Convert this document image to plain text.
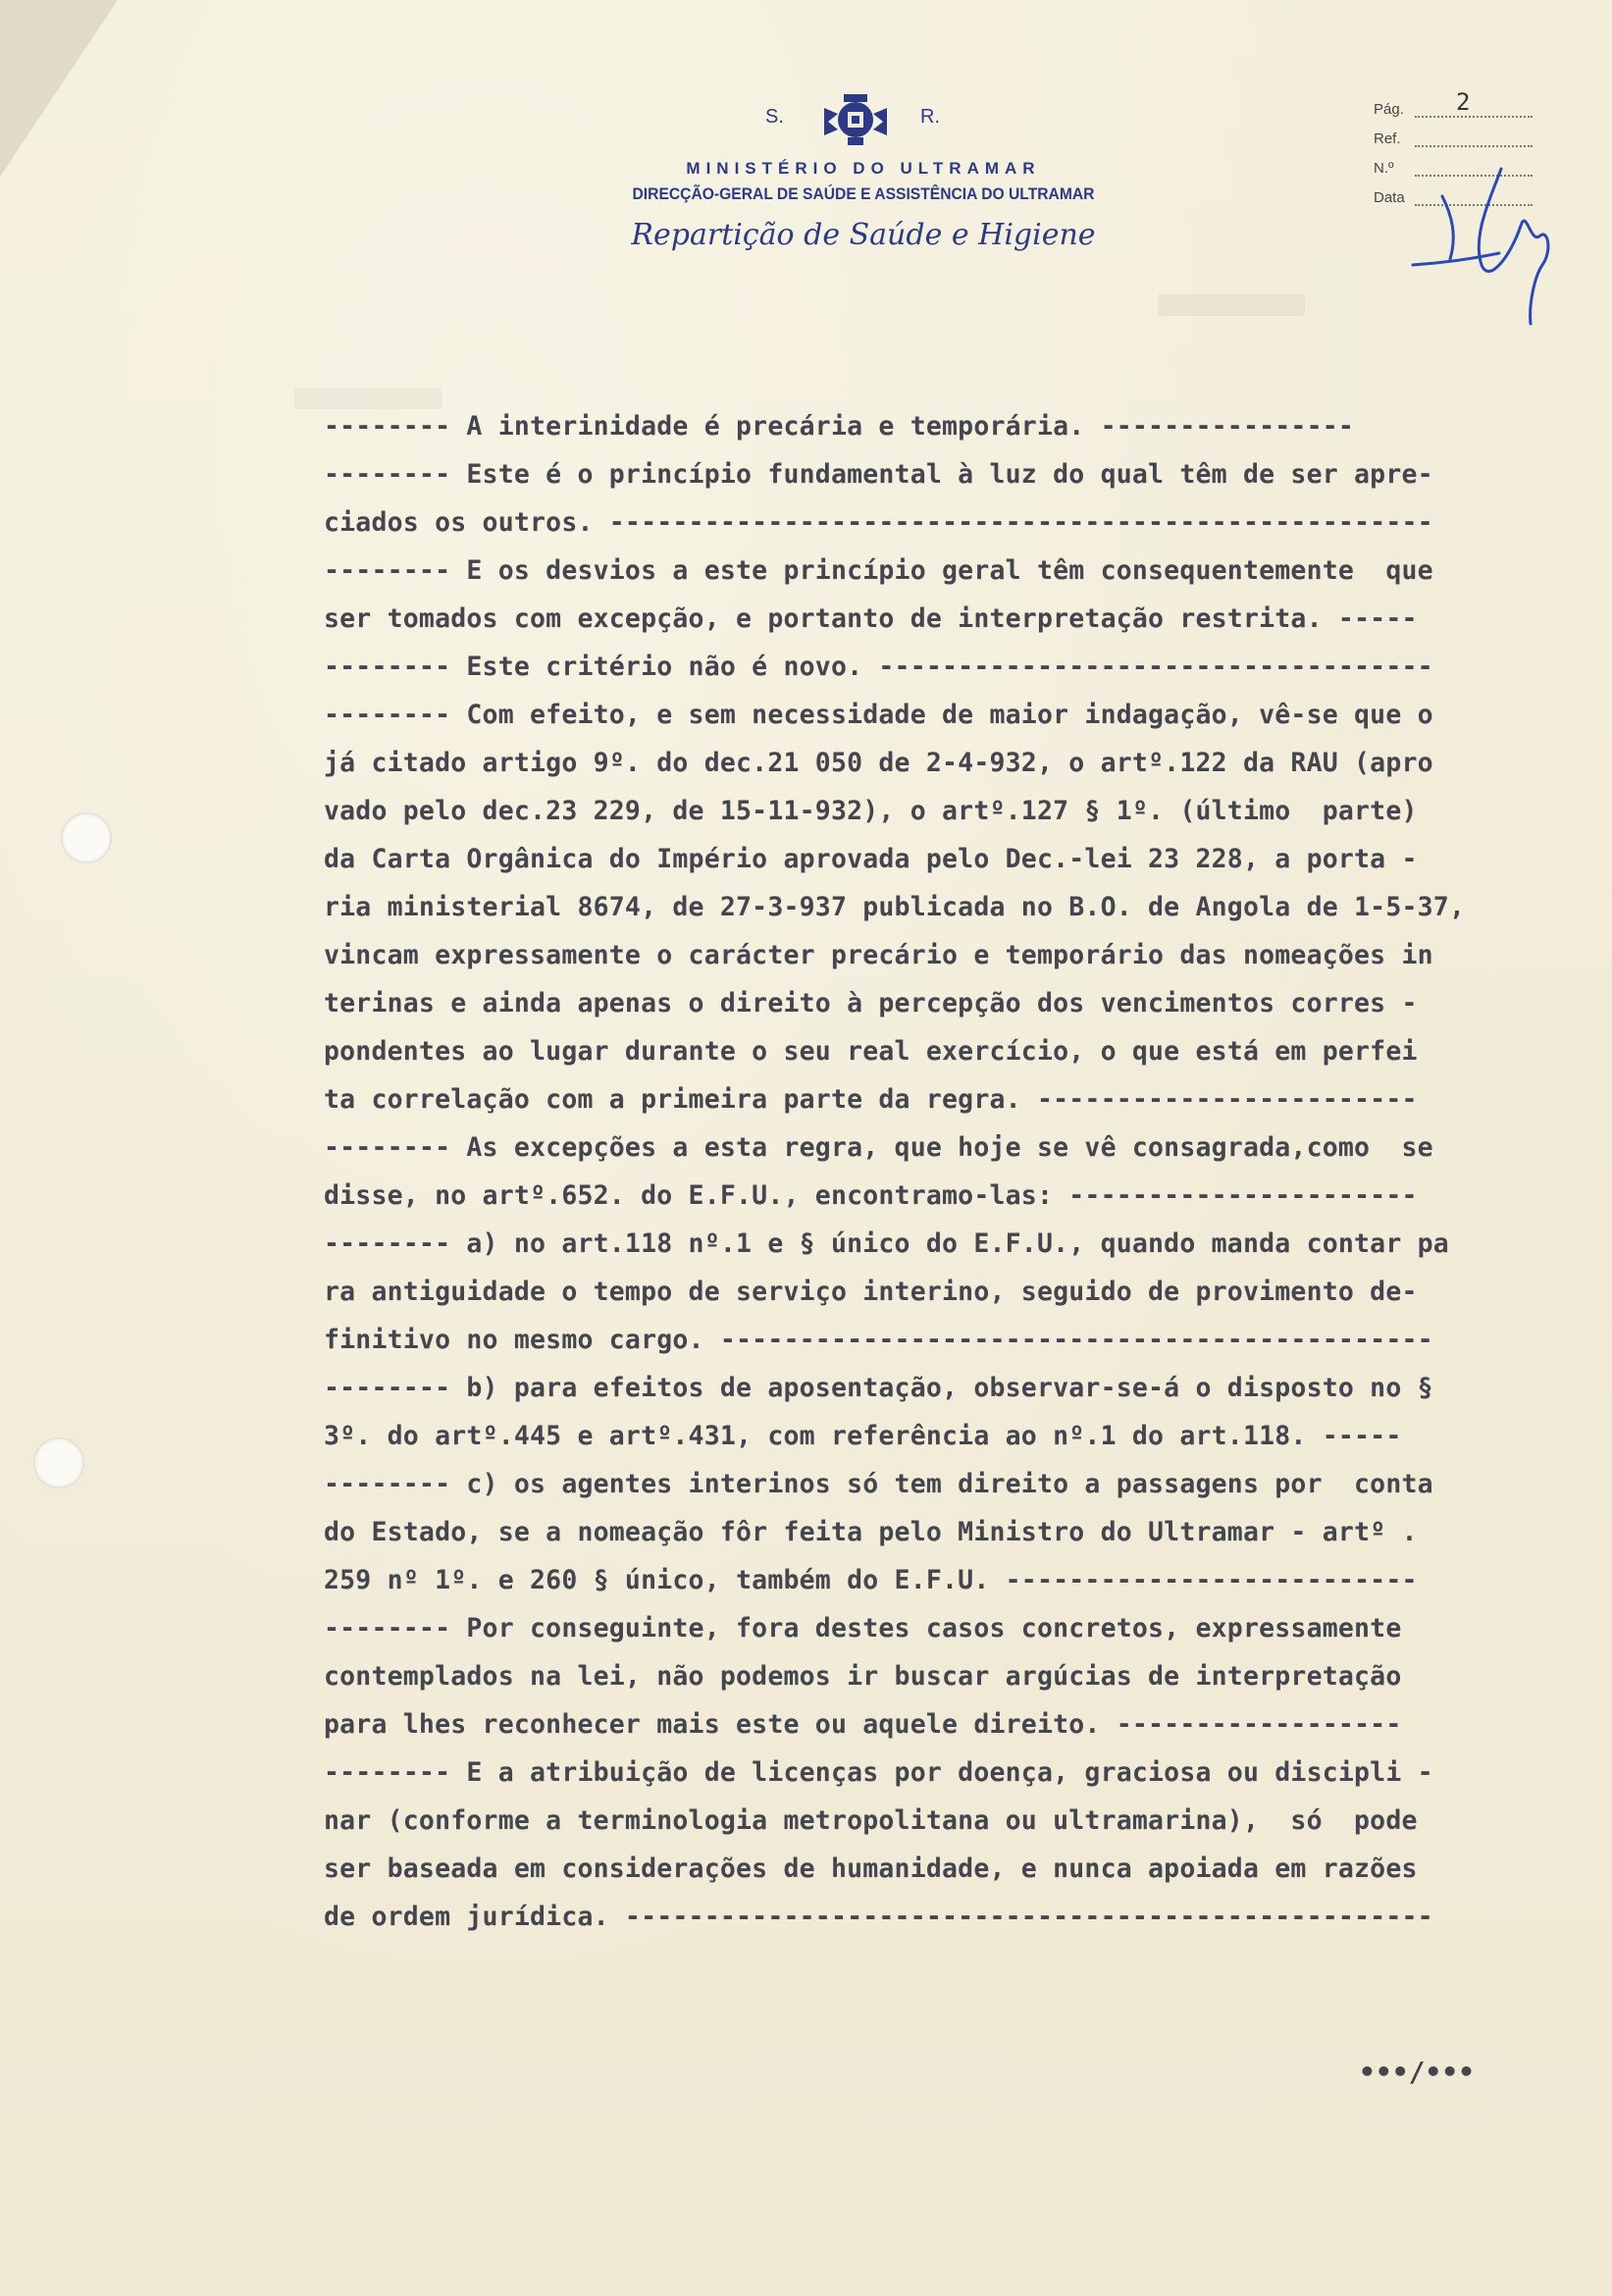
S.	R.
MINISTÉRIO DO ULTRAMAR
DIRECÇÃO-GERAL DE SAÚDE E ASSISTÊNCIA DO ULTRAMAR
Repartição de Saúde e Higiene
Pág.	2
Ref.
N.º
Data
-------- A interinidade é precária e temporária. ----------------
-------- Este é o princípio fundamental à luz do qual têm de ser apre-
ciados os outros. ----------------------------------------------------
-------- E os desvios a este princípio geral têm consequentemente  que
ser tomados com excepção, e portanto de interpretação restrita. -----
-------- Este critério não é novo. -----------------------------------
-------- Com efeito, e sem necessidade de maior indagação, vê-se que o
já citado artigo 9º. do dec.21 050 de 2-4-932, o artº.122 da RAU (apro
vado pelo dec.23 229, de 15-11-932), o artº.127 § 1º. (último  parte)
da Carta Orgânica do Império aprovada pelo Dec.-lei 23 228, a porta -
ria ministerial 8674, de 27-3-937 publicada no B.O. de Angola de 1-5-37,
vincam expressamente o carácter precário e temporário das nomeações in
terinas e ainda apenas o direito à percepção dos vencimentos corres -
pondentes ao lugar durante o seu real exercício, o que está em perfei
ta correlação com a primeira parte da regra. ------------------------
-------- As excepções a esta regra, que hoje se vê consagrada,como  se
disse, no artº.652. do E.F.U., encontramo-las: ----------------------
-------- a) no art.118 nº.1 e § único do E.F.U., quando manda contar pa
ra antiguidade o tempo de serviço interino, seguido de provimento de-
finitivo no mesmo cargo. ---------------------------------------------
-------- b) para efeitos de aposentação, observar-se-á o disposto no §
3º. do artº.445 e artº.431, com referência ao nº.1 do art.118. -----
-------- c) os agentes interinos só tem direito a passagens por  conta
do Estado, se a nomeação fôr feita pelo Ministro do Ultramar - artº .
259 nº 1º. e 260 § único, também do E.F.U. --------------------------
-------- Por conseguinte, fora destes casos concretos, expressamente
contemplados na lei, não podemos ir buscar argúcias de interpretação
para lhes reconhecer mais este ou aquele direito. ------------------
-------- E a atribuição de licenças por doença, graciosa ou discipli -
nar (conforme a terminologia metropolitana ou ultramarina),  só  pode
ser baseada em considerações de humanidade, e nunca apoiada em razões
de ordem jurídica. ---------------------------------------------------
•••/•••
